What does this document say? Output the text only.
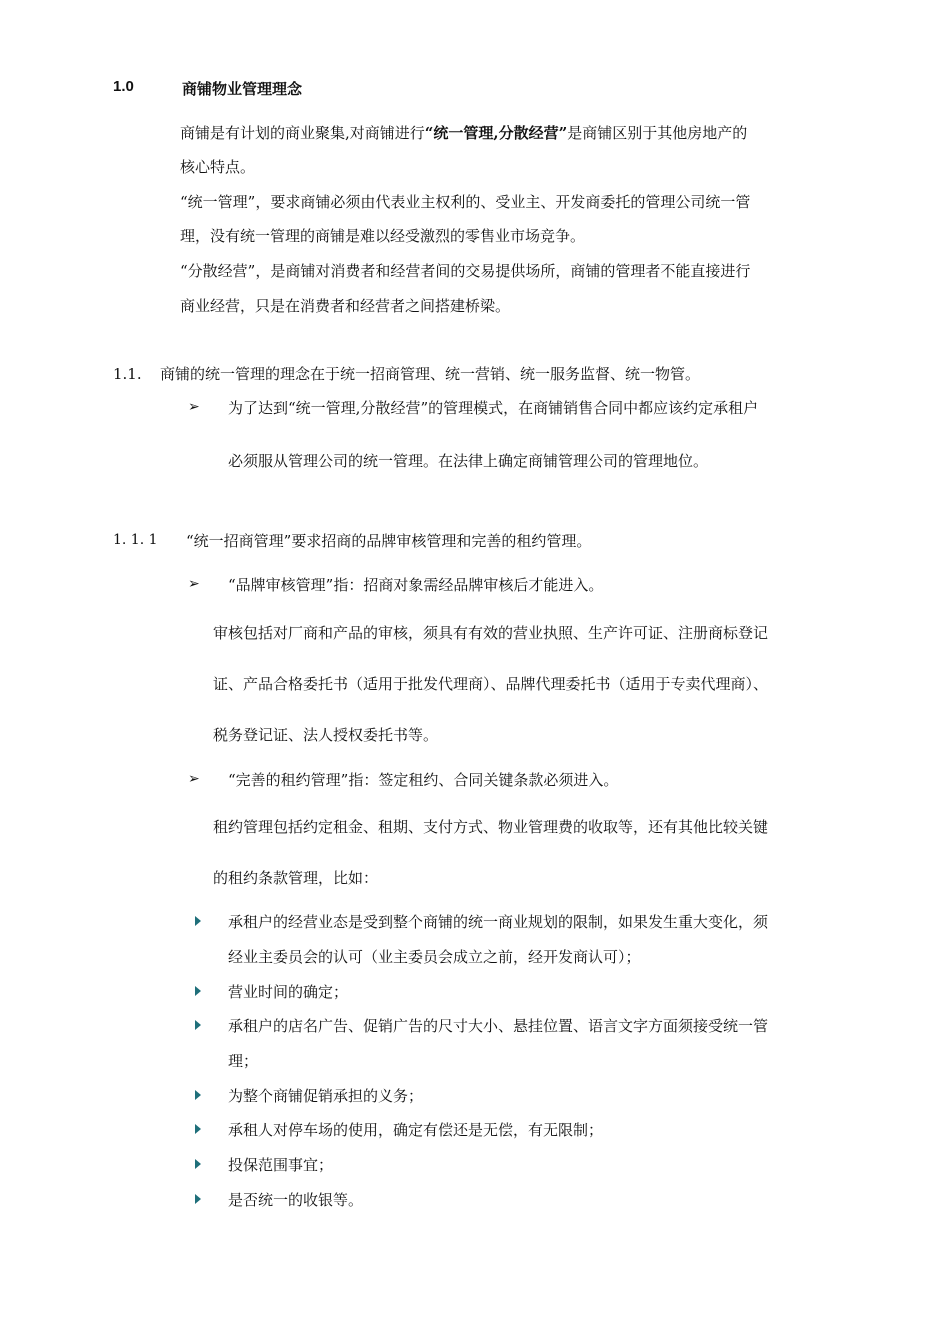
1.0	商铺物业管理理念
商铺是有计划的商业聚集,对商铺进行“统一管理,分散经营”是商铺区别于其他房地产的
核心特点。
“统一管理”，要求商铺必须由代表业主权利的、受业主、开发商委托的管理公司统一管
理，没有统一管理的商铺是难以经受激烈的零售业市场竞争。
“分散经营”，是商铺对消费者和经营者间的交易提供场所，商铺的管理者不能直接进行
商业经营，只是在消费者和经营者之间搭建桥梁。
1.1. 商铺的统一管理的理念在于统一招商管理、统一营销、统一服务监督、统一物管。
➢ 为了达到“统一管理,分散经营”的管理模式，在商铺销售合同中都应该约定承租户
必须服从管理公司的统一管理。在法律上确定商铺管理公司的管理地位。
1. 1. 1 “统一招商管理”要求招商的品牌审核管理和完善的租约管理。
➢ “品牌审核管理”指：招商对象需经品牌审核后才能进入。
审核包括对厂商和产品的审核，须具有有效的营业执照、生产许可证、注册商标登记
证、产品合格委托书（适用于批发代理商）、品牌代理委托书（适用于专卖代理商）、
税务登记证、法人授权委托书等。
➢ “完善的租约管理”指：签定租约、合同关键条款必须进入。
租约管理包括约定租金、租期、支付方式、物业管理费的收取等，还有其他比较关键
的租约条款管理，比如：
承租户的经营业态是受到整个商铺的统一商业规划的限制，如果发生重大变化，须
经业主委员会的认可（业主委员会成立之前，经开发商认可）；
营业时间的确定；
承租户的店名广告、促销广告的尺寸大小、悬挂位置、语言文字方面须接受统一管
理；
为整个商铺促销承担的义务；
承租人对停车场的使用，确定有偿还是无偿，有无限制；
投保范围事宜；
是否统一的收银等。
